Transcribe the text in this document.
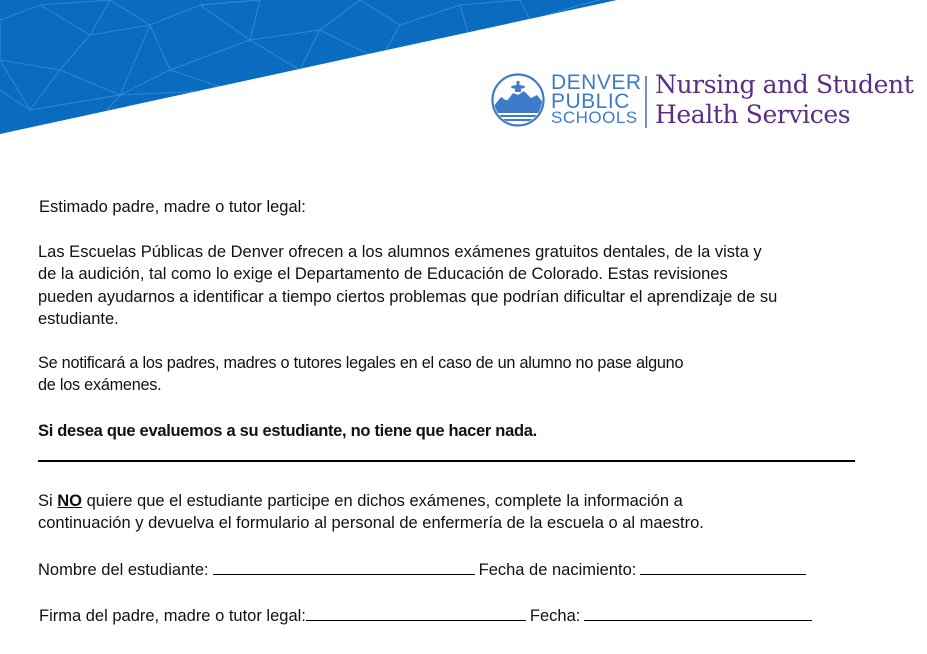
DENVER
PUBLIC
SCHOOLS
Nursing and Student
Health Services
Estimado padre, madre o tutor legal:
Las Escuelas Públicas de Denver ofrecen a los alumnos exámenes gratuitos dentales, de la vista y
de la audición, tal como lo exige el Departamento de Educación de Colorado. Estas revisiones
pueden ayudarnos a identificar a tiempo ciertos problemas que podrían dificultar el aprendizaje de su
estudiante.
Se notificará a los padres, madres o tutores legales en el caso de un alumno no pase alguno
de los exámenes.
Si desea que evaluemos a su estudiante, no tiene que hacer nada.
Si NO quiere que el estudiante participe en dichos exámenes, complete la información a
continuación y devuelva el formulario al personal de enfermería de la escuela o al maestro.
Nombre del estudiante:	Fecha de nacimiento:
Firma del padre, madre o tutor legal:	Fecha:
